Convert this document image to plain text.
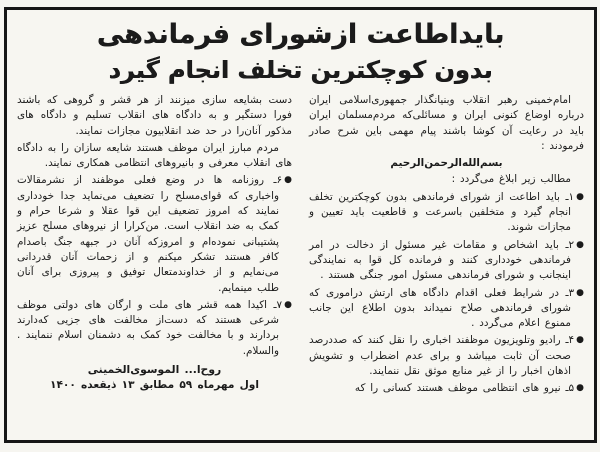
بایداطاعت ازشورای فرماندهی
بدون کوچکترین تخلف انجام گیرد

امام‌خمینی رهبر انقلاب وبنیانگذار جمهوری‌اسلامی ایران درباره اوضاع کنونی ایران و مسائلی‌که مردم‌مسلمان ایران باید در رعایت آن کوشا باشند پیام مهمی باین شرح صادر فرمودند :

بسم‌الله‌الرحمن‌الرحیم

مطالب زیر ابلاغ می‌گردد :

●۱ـ باید اطاعت از شورای فرماندهی بدون کوچکترین تخلف انجام گیرد و متخلفین باسرعت و قاطعیت باید تعیین و مجازات شوند.
●۲ـ باید اشخاص و مقامات غیر مسئول از دخالت در امر فرماندهی خودداری کنند و فرمانده کل قوا به نمایندگی اینجانب و شورای فرماندهی مسئول امور جنگی هستند .
●۳ـ در شرایط فعلی اقدام دادگاه های ارتش دراموری که شورای فرماندهی صلاح نمیداند بدون اطلاع این جانب ممنوع اعلام می‌گردد .
●۴ـ رادیو وتلویزیون موظفند اخباری را نقل کنند که صددرصد صحت آن ثابت میباشد و برای عدم اضطراب و تشویش اذهان اخبار را از غیر منابع موثق نقل ننمایند.
●۵ـ نیرو های انتظامی موظف هستند کسانی را که

دست بشایعه سازی میزنند از هر قشر و گروهی که باشند فورا دستگیر و به دادگاه های انقلاب تسلیم و دادگاه های مذکور آنان‌را در حد ضد انقلابیون مجازات نمایند.

مردم مبارز ایران موظف هستند شایعه سازان را به دادگاه های انقلاب معرفی و بانیروهای انتظامی همکاری نمایند.

●۶ـ روزنامه ها در وضع فعلی موظفند از نشرمقالات واخباری که قوای‌مسلح را تضعیف می‌نماید جدا خودداری نمایند که امروز تضعیف این قوا عقلا و شرعا حرام و کمک به ضد انقلاب است. من‌کرارا از نیروهای مسلح عزیز پشتیبانی نموده‌ام و امروزکه آنان در جبهه جنگ باصدام کافر هستند تشکر میکنم و از زحمات آنان قدردانی می‌نمایم و از خداوندمتعال توفیق و پیروزی برای آنان طلب مینمایم.
●۷ـ اکیدا همه قشر های ملت و ارگان های دولتی موظف شرعی هستند که دست‌از مخالفت های جزیی که‌دارند بردارند و با مخالفت خود کمک به دشمنان اسلام ننمایند . والسلام.
روح‌ا... الموسوی‌الخمینی
اول مهرماه ۵۹ مطابق ۱۳ ذیقعده ۱۴۰۰
